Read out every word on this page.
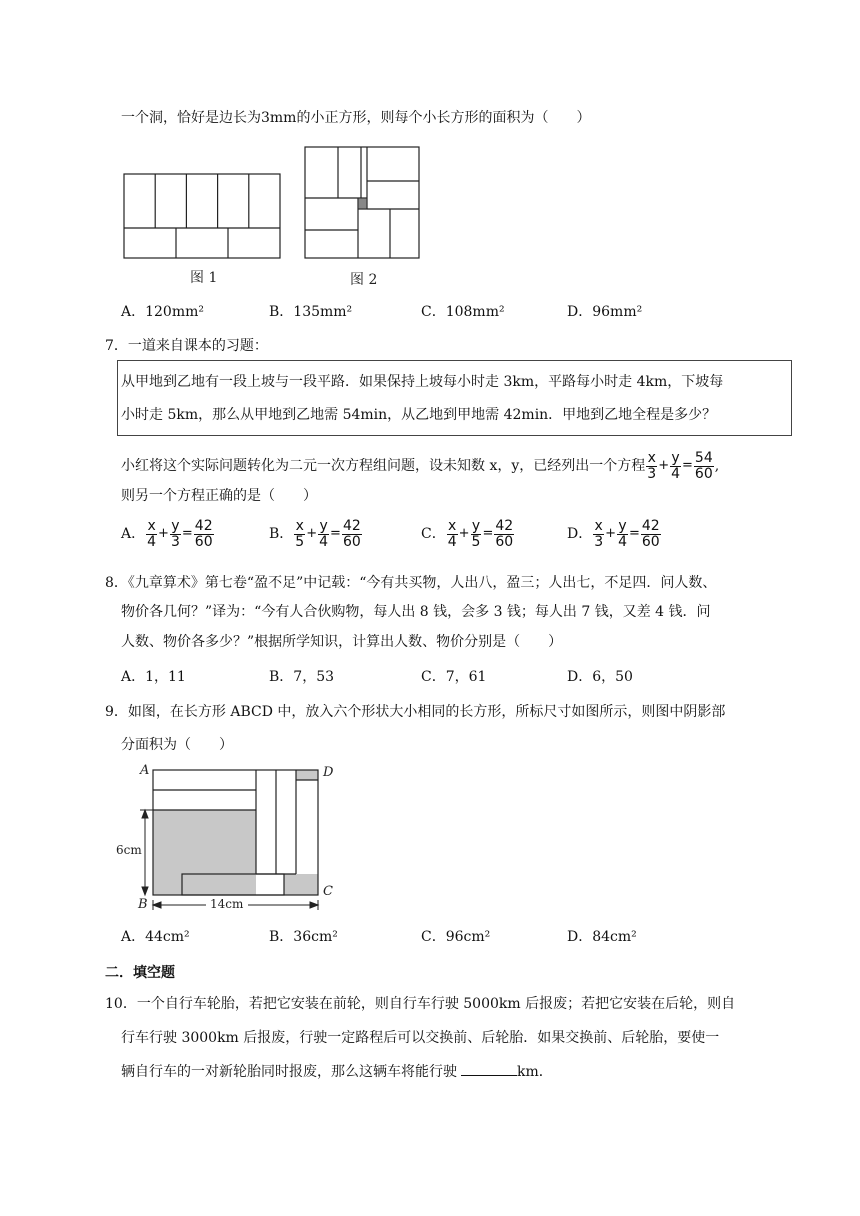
一个洞，恰好是边长为3mm的小正方形，则每个小长方形的面积为（　　）
图 1	图 2
A．120mm²	B．135mm²	C．108mm²	D．96mm²
7．一道来自课本的习题：
从甲地到乙地有一段上坡与一段平路．如果保持上坡每小时走 3km，平路每小时走 4km，下坡每
小时走 5km，那么从甲地到乙地需 54min，从乙地到甲地需 42min．甲地到乙地全程是多少？
小红将这个实际问题转化为二元一次方程组问题，设未知数 x，y，已经列出一个方程 $\frac{x}{3} + \frac{y}{4} = \frac{54}{60}$ ,
则另一个方程正确的是（　　）
A． $\frac{x}{4} + \frac{y}{3} = \frac{42}{60}$	B． $\frac{x}{5} + \frac{y}{4} = \frac{42}{60}$	C． $\frac{x}{4} + \frac{y}{5} = \frac{42}{60}$	D． $\frac{x}{3} + \frac{y}{4} = \frac{42}{60}$
8．《九章算术》第七卷“盈不足”中记载：“今有共买物，人出八，盈三；人出七，不足四．问人数、
物价各几何？”译为：“今有人合伙购物，每人出 8 钱，会多 3 钱；每人出 7 钱，又差 4 钱．问
人数、物价各多少？”根据所学知识，计算出人数、物价分别是（　　）
A．1，11	B．7，53	C．7，61	D．6，50
9．如图，在长方形 ABCD 中，放入六个形状大小相同的长方形，所标尺寸如图所示，则图中阴影部
分面积为（　　）
A
B
C
D
6cm
14cm
A．44cm²	B．36cm²	C．96cm²	D．84cm²
二．填空题
10．一个自行车轮胎，若把它安装在前轮，则自行车行驶 5000km 后报废；若把它安装在后轮，则自
行车行驶 3000km 后报废，行驶一定路程后可以交换前、后轮胎．如果交换前、后轮胎，要使一
辆自行车的一对新轮胎同时报废，那么这辆车将能行驶	km．
